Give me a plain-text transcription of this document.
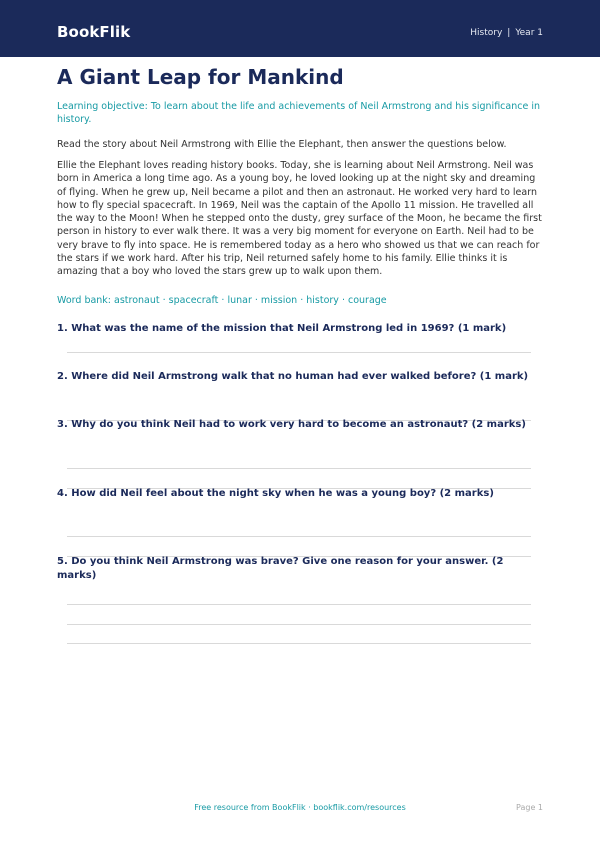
BookFlik	History | Year 1
A Giant Leap for Mankind
Learning objective: To learn about the life and achievements of Neil Armstrong and his significance in history.
Read the story about Neil Armstrong with Ellie the Elephant, then answer the questions below.
Ellie the Elephant loves reading history books. Today, she is learning about Neil Armstrong. Neil was born in America a long time ago. As a young boy, he loved looking up at the night sky and dreaming of flying. When he grew up, Neil became a pilot and then an astronaut. He worked very hard to learn how to fly special spacecraft. In 1969, Neil was the captain of the Apollo 11 mission. He travelled all the way to the Moon! When he stepped onto the dusty, grey surface of the Moon, he became the first person in history to ever walk there. It was a very big moment for everyone on Earth. Neil had to be very brave to fly into space. He is remembered today as a hero who showed us that we can reach for the stars if we work hard. After his trip, Neil returned safely home to his family. Ellie thinks it is amazing that a boy who loved the stars grew up to walk upon them.
Word bank: astronaut · spacecraft · lunar · mission · history · courage
1. What was the name of the mission that Neil Armstrong led in 1969? (1 mark)
2. Where did Neil Armstrong walk that no human had ever walked before? (1 mark)
3. Why do you think Neil had to work very hard to become an astronaut? (2 marks)
4. How did Neil feel about the night sky when he was a young boy? (2 marks)
5. Do you think Neil Armstrong was brave? Give one reason for your answer. (2 marks)
Free resource from BookFlik · bookflik.com/resources	Page 1
